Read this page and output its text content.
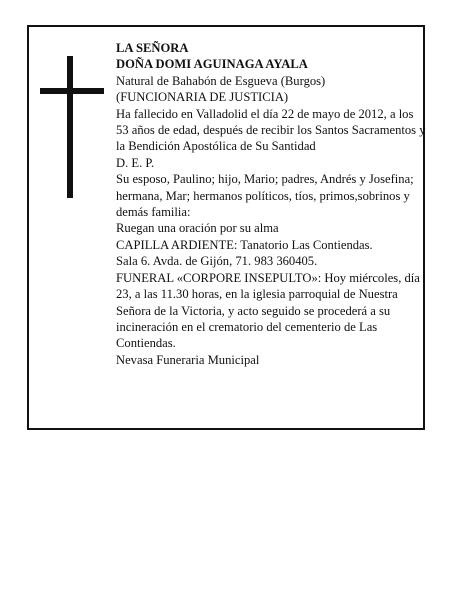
LA SEÑORA

DOÑA DOMI AGUINAGA AYALA

Natural de Bahabón de Esgueva (Burgos)

(FUNCIONARIA DE JUSTICIA)

Ha fallecido en Valladolid el día 22 de mayo de 2012, a los 53 años de edad, después de recibir los Santos Sacramentos y la Bendición Apostólica de Su Santidad

D. E. P.

Su esposo, Paulino; hijo, Mario; padres, Andrés y Josefina; hermana, Mar; hermanos políticos, tíos, primos,sobrinos y demás familia:

Ruegan una oración por su alma

CAPILLA ARDIENTE: Tanatorio Las Contiendas.

Sala 6. Avda. de Gijón, 71. 983 360405.

FUNERAL «CORPORE INSEPULTO»: Hoy miércoles, día 23, a las 11.30 horas, en la iglesia parroquial de Nuestra Señora de la Victoria, y acto seguido se procederá a su incineración en el crematorio del cementerio de Las Contiendas.

Nevasa Funeraria Municipal
